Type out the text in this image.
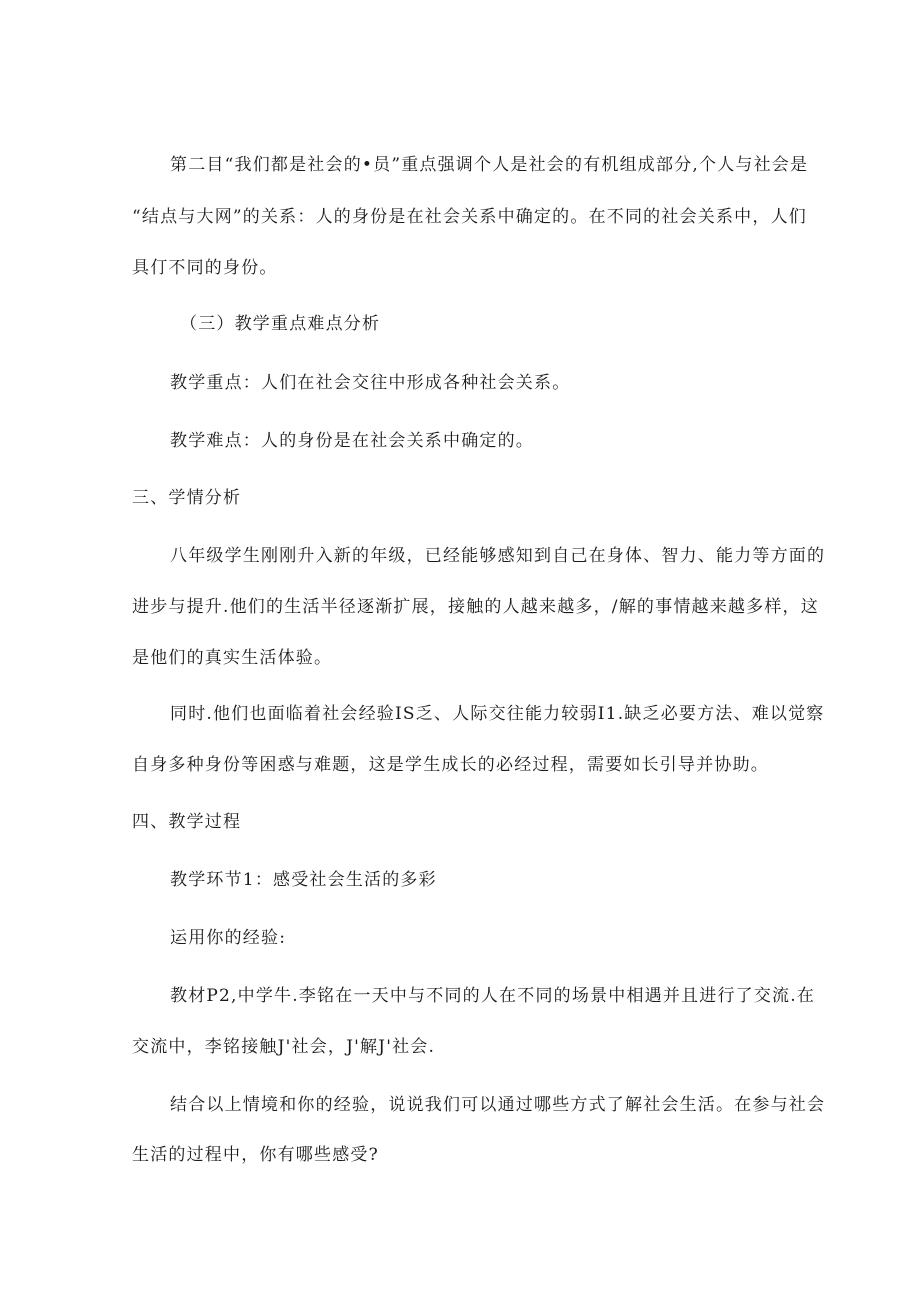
第二目“我们都是社会的•员”重点强调个人是社会的有机组成部分,个人与社会是
“结点与大网”的关系：人的身份是在社会关系中确定的。在不同的社会关系中，人们
具仃不同的身份。
（三）教学重点难点分析
教学重点：人们在社会交往中形成各种社会关系。
教学难点：人的身份是在社会关系中确定的。
三、学情分析
八年级学生刚刚升入新的年级，已经能够感知到自己在身体、智力、能力等方面的
进步与提升.他们的生活半径逐渐扩展，接触的人越来越多，/解的事情越来越多样，这
是他们的真实生活体验。
同时.他们也面临着社会经验IS乏、人际交往能力较弱I1.缺乏必要方法、难以觉察
自身多种身份等困惑与难题，这是学生成长的必经过程，需要如长引导并协助。
四、教学过程
教学环节1：感受社会生活的多彩
运用你的经验:
教材P2,中学牛.李铭在一天中与不同的人在不同的场景中相遇并且进行了交流.在
交流中，李铭接触J'社会，J'解J'社会.
结合以上情境和你的经验，说说我们可以通过哪些方式了解社会生活。在参与社会
生活的过程中，你有哪些感受?
